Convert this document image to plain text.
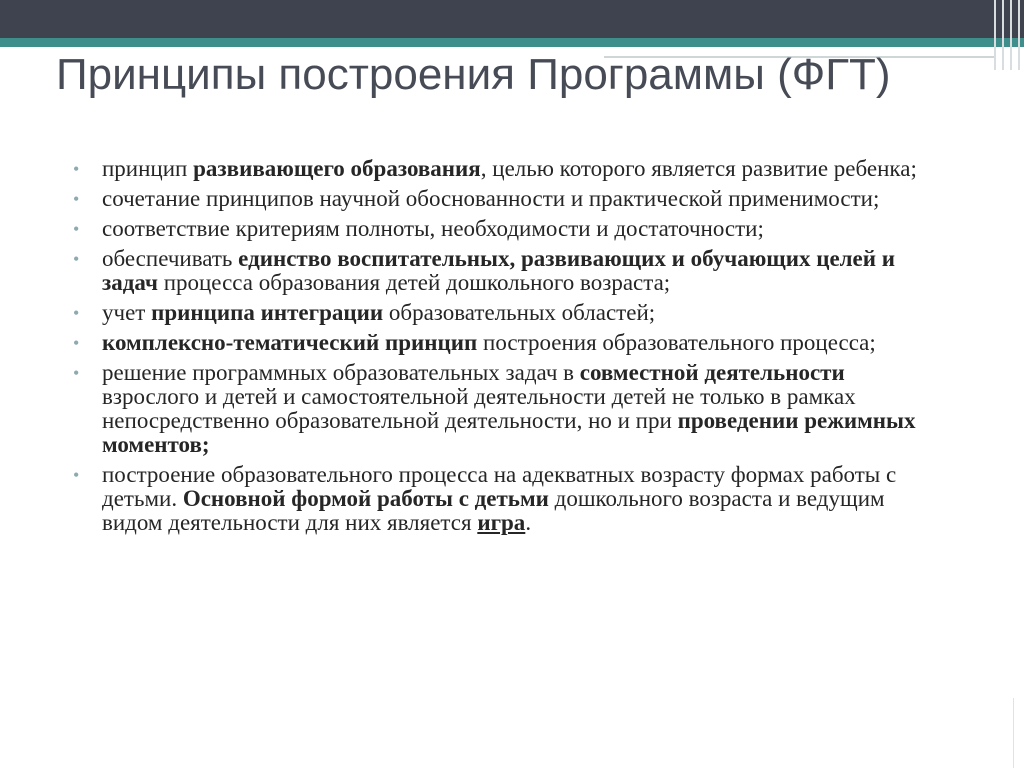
Принципы построения Программы (ФГТ)
• принцип развивающего образования, целью которого является развитие ребенка;
• сочетание принципов научной обоснованности и практической применимости;
• соответствие критериям полноты, необходимости и достаточности;
• обеспечивать единство воспитательных, развивающих и обучающих целей и задач процесса образования детей дошкольного возраста;
• учет принципа интеграции образовательных областей;
• комплексно-тематический принцип построения образовательного процесса;
• решение программных образовательных задач в совместной деятельности взрослого и детей и самостоятельной деятельности детей не только в рамках непосредственно образовательной деятельности, но и при проведении режимных моментов;
• построение образовательного процесса на адекватных возрасту формах работы с детьми. Основной формой работы с детьми дошкольного возраста и ведущим видом деятельности для них является игра.
